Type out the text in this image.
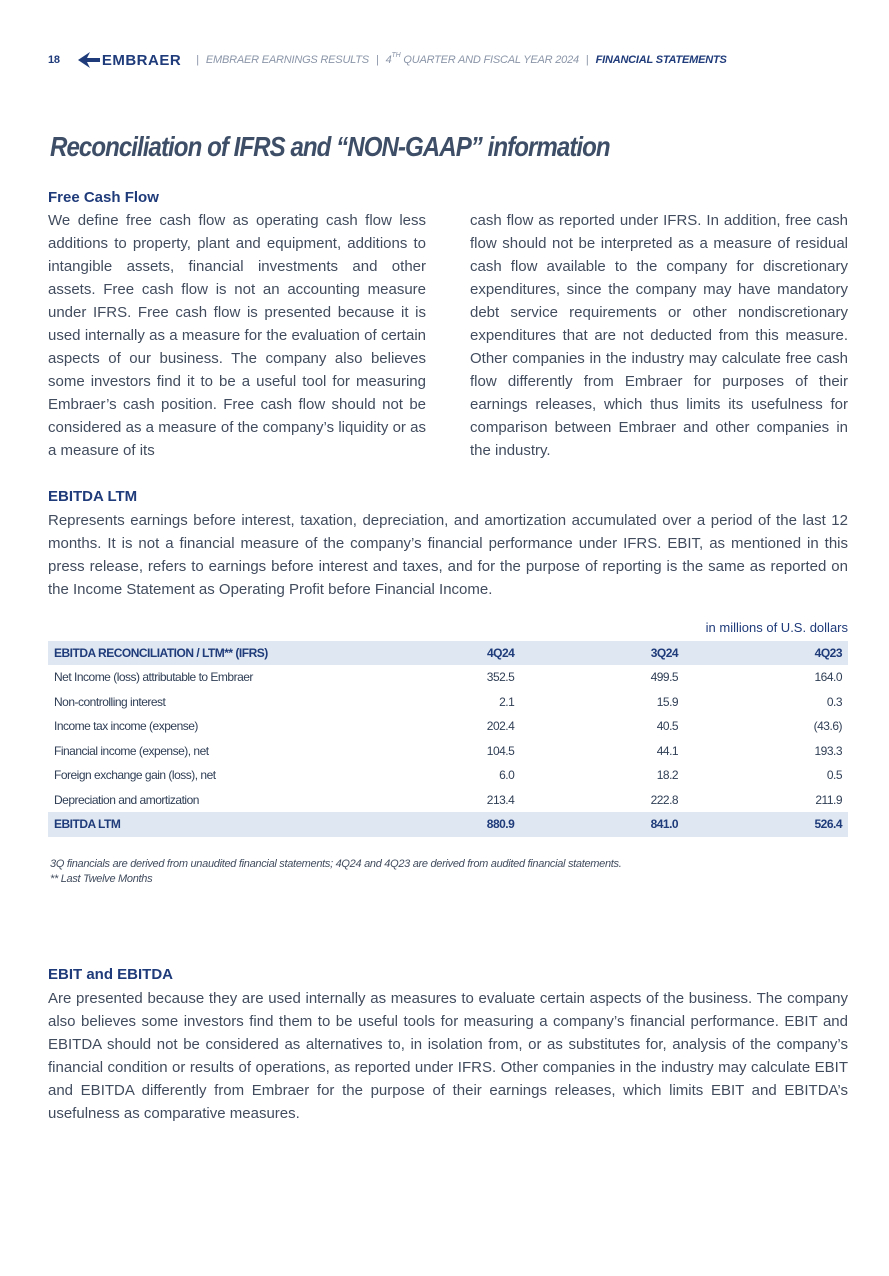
18	EMBRAER | EMBRAER EARNINGS RESULTS | 4TH QUARTER AND FISCAL YEAR 2024 | FINANCIAL STATEMENTS
Reconciliation of IFRS and “NON-GAAP” information
Free Cash Flow

We define free cash flow as operating cash flow less additions to property, plant and equipment, additions to intangible assets, financial investments and other assets. Free cash flow is not an accounting measure under IFRS. Free cash flow is presented because it is used internally as a measure for the evaluation of certain aspects of our business. The company also believes some investors find it to be a useful tool for measuring Embraer’s cash position. Free cash flow should not be considered as a measure of the company’s liquidity or as a measure of its

cash flow as reported under IFRS. In addition, free cash flow should not be interpreted as a measure of residual cash flow available to the company for discretionary expenditures, since the company may have mandatory debt service requirements or other nondiscretionary expenditures that are not deducted from this measure. Other companies in the industry may calculate free cash flow differently from Embraer for purposes of their earnings releases, which thus limits its usefulness for comparison between Embraer and other companies in the industry.

EBITDA LTM

Represents earnings before interest, taxation, depreciation, and amortization accumulated over a period of the last 12 months. It is not a financial measure of the company’s financial performance under IFRS. EBIT, as mentioned in this press release, refers to earnings before interest and taxes, and for the purpose of reporting is the same as reported on the Income Statement as Operating Profit before Financial Income.

in millions of U.S. dollars
EBITDA RECONCILIATION / LTM** (IFRS)	4Q24	3Q24	4Q23
Net Income (loss) attributable to Embraer	352.5	499.5	164.0
Non-controlling interest	2.1	15.9	0.3
Income tax income (expense)	202.4	40.5	(43.6)
Financial income (expense), net	104.5	44.1	193.3
Foreign exchange gain (loss), net	6.0	18.2	0.5
Depreciation and amortization	213.4	222.8	211.9
EBITDA LTM	880.9	841.0	526.4

3Q financials are derived from unaudited financial statements; 4Q24 and 4Q23 are derived from audited financial statements.

** Last Twelve Months

EBIT and EBITDA

Are presented because they are used internally as measures to evaluate certain aspects of the business. The company also believes some investors find them to be useful tools for measuring a company’s financial performance. EBIT and EBITDA should not be considered as alternatives to, in isolation from, or as substitutes for, analysis of the company’s financial condition or results of operations, as reported under IFRS. Other companies in the industry may calculate EBIT and EBITDA differently from Embraer for the purpose of their earnings releases, which limits EBIT and EBITDA’s usefulness as comparative measures.
